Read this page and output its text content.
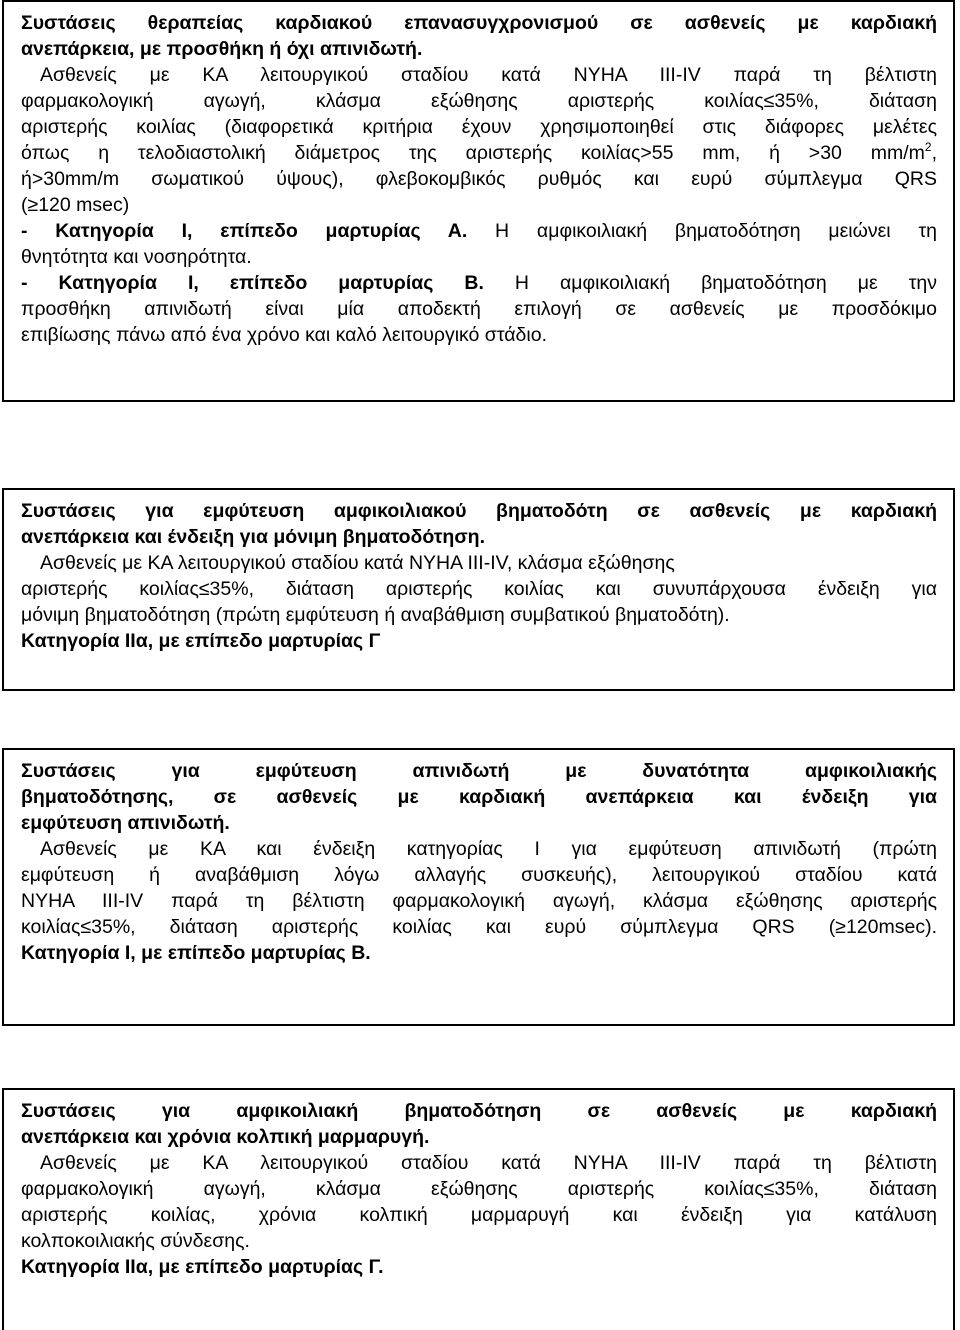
Συστάσεις θεραπείας καρδιακού επανασυγχρονισμού σε ασθενείς με καρδιακή
ανεπάρκεια, με προσθήκη ή όχι απινιδωτή.
Ασθενείς με ΚΑ λειτουργικού σταδίου κατά NYHA III-IV παρά τη βέλτιστη
φαρμακολογική αγωγή, κλάσμα εξώθησης αριστερής κοιλίας≤35%, διάταση
αριστερής κοιλίας (διαφορετικά κριτήρια έχουν χρησιμοποιηθεί στις διάφορες μελέτες
όπως η τελοδιαστολική διάμετρος της αριστερής κοιλίας>55 mm, ή >30 $mm/m^2$,
ή>30mm/m σωματικού ύψους), φλεβοκομβικός ρυθμός και ευρύ σύμπλεγμα QRS
(≥120 msec)
- Κατηγορία Ι, επίπεδο μαρτυρίας Α. Η αμφικοιλιακή βηματοδότηση μειώνει τη
θνητότητα και νοσηρότητα.
- Κατηγορία Ι, επίπεδο μαρτυρίας Β. Η αμφικοιλιακή βηματοδότηση με την
προσθήκη απινιδωτή είναι μία αποδεκτή επιλογή σε ασθενείς με προσδόκιμο
επιβίωσης πάνω από ένα χρόνο και καλό λειτουργικό στάδιο.
Συστάσεις για εμφύτευση αμφικοιλιακού βηματοδότη σε ασθενείς με καρδιακή
ανεπάρκεια και ένδειξη για μόνιμη βηματοδότηση.
Ασθενείς με ΚΑ λειτουργικού σταδίου κατά NYHA III-IV, κλάσμα εξώθησης
αριστερής κοιλίας≤35%, διάταση αριστερής κοιλίας και συνυπάρχουσα ένδειξη για
μόνιμη βηματοδότηση (πρώτη εμφύτευση ή αναβάθμιση συμβατικού βηματοδότη).
Κατηγορία ΙΙα, με επίπεδο μαρτυρίας Γ
Συστάσεις για εμφύτευση απινιδωτή με δυνατότητα αμφικοιλιακής
βηματοδότησης, σε ασθενείς με καρδιακή ανεπάρκεια και ένδειξη για
εμφύτευση απινιδωτή.
Ασθενείς με ΚΑ και ένδειξη κατηγορίας Ι για εμφύτευση απινιδωτή (πρώτη
εμφύτευση ή αναβάθμιση λόγω αλλαγής συσκευής), λειτουργικού σταδίου κατά
NYHA III-IV παρά τη βέλτιστη φαρμακολογική αγωγή, κλάσμα εξώθησης αριστερής
κοιλίας≤35%, διάταση αριστερής κοιλίας και ευρύ σύμπλεγμα QRS (≥120msec).
Κατηγορία Ι, με επίπεδο μαρτυρίας Β.
Συστάσεις για αμφικοιλιακή βηματοδότηση σε ασθενείς με καρδιακή
ανεπάρκεια και χρόνια κολπική μαρμαρυγή.
Ασθενείς με ΚΑ λειτουργικού σταδίου κατά NYHA III-IV παρά τη βέλτιστη
φαρμακολογική αγωγή, κλάσμα εξώθησης αριστερής κοιλίας≤35%, διάταση
αριστερής κοιλίας, χρόνια κολπική μαρμαρυγή και ένδειξη για κατάλυση
κολποκοιλιακής σύνδεσης.
Κατηγορία ΙΙα, με επίπεδο μαρτυρίας Γ.
